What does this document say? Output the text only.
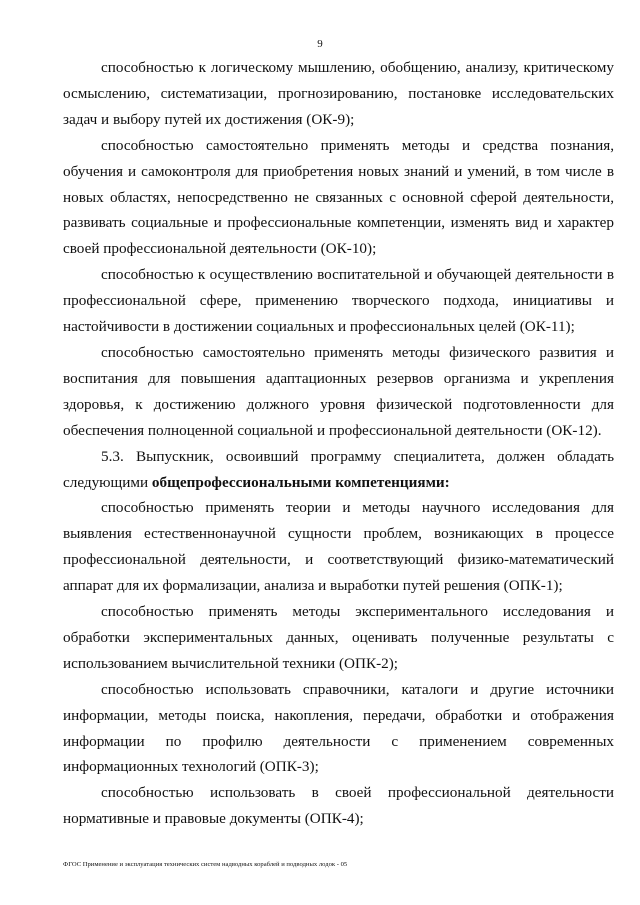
9

способностью к логическому мышлению, обобщению, анализу, критическому осмыслению, систематизации, прогнозированию, постановке исследовательских задач и выбору путей их достижения (ОК-9);

способностью самостоятельно применять методы и средства познания, обучения и самоконтроля для приобретения новых знаний и умений, в том числе в новых областях, непосредственно не связанных с основной сферой деятельности, развивать социальные и профессиональные компетенции, изменять вид и характер своей профессиональной деятельности (ОК-10);

способностью к осуществлению воспитательной и обучающей деятельности в профессиональной сфере, применению творческого подхода, инициативы и настойчивости в достижении социальных и профессиональных целей (ОК-11);

способностью самостоятельно применять методы физического развития и воспитания для повышения адаптационных резервов организма и укрепления здоровья, к достижению должного уровня физической подготовленности для обеспечения полноценной социальной и профессиональной деятельности (ОК-12).

5.3. Выпускник, освоивший программу специалитета, должен обладать следующими общепрофессиональными компетенциями:

способностью применять теории и методы научного исследования для выявления естественнонаучной сущности проблем, возникающих в процессе профессиональной деятельности, и соответствующий физико-математический аппарат для их формализации, анализа и выработки путей решения (ОПК-1);

способностью применять методы экспериментального исследования и обработки экспериментальных данных, оценивать полученные результаты с использованием вычислительной техники (ОПК-2);

способностью использовать справочники, каталоги и другие источники информации, методы поиска, накопления, передачи, обработки и отображения информации по профилю деятельности с применением современных информационных технологий (ОПК-3);

способностью использовать в своей профессиональной деятельности нормативные и правовые документы (ОПК-4);

ФГОС Применение и эксплуатация технических систем надводных кораблей и подводных лодок - 05
